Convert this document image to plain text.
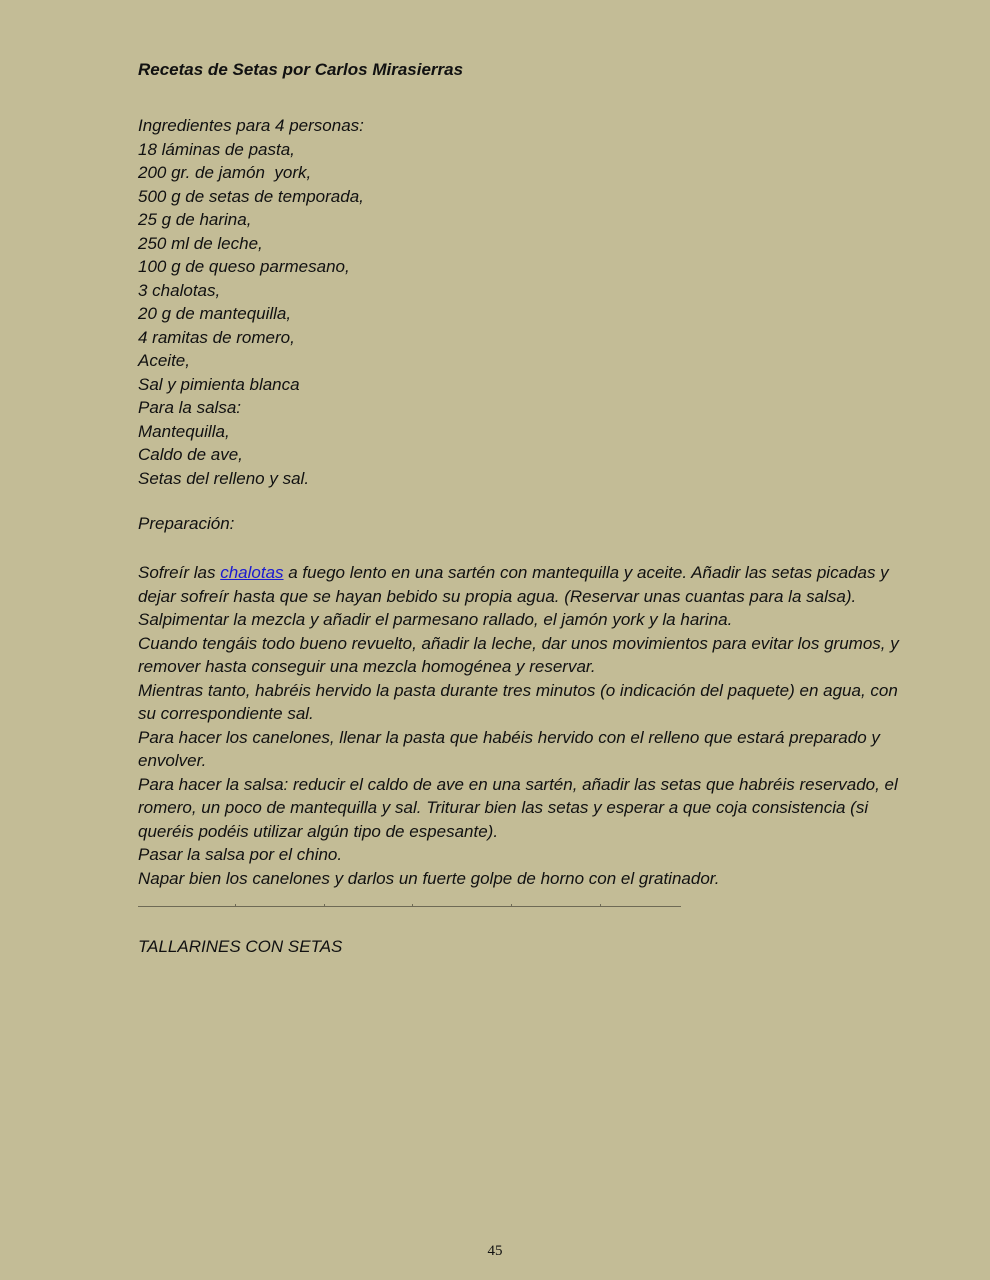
Recetas de Setas por Carlos Mirasierras
Ingredientes para 4 personas:
18 láminas de pasta,
200 gr. de jamón  york,
500 g de setas de temporada,
25 g de harina,
250 ml de leche,
100 g de queso parmesano,
3 chalotas,
20 g de mantequilla,
4 ramitas de romero,
Aceite,
Sal y pimienta blanca
Para la salsa:
Mantequilla,
Caldo de ave,
Setas del relleno y sal.
Preparación:

Sofreír las chalotas a fuego lento en una sartén con mantequilla y aceite. Añadir las setas picadas y dejar sofreír hasta que se hayan bebido su propia agua. (Reservar unas cuantas para la salsa). Salpimentar la mezcla y añadir el parmesano rallado, el jamón york y la harina.

Cuando tengáis todo bueno revuelto, añadir la leche, dar unos movimientos para evitar los grumos, y remover hasta conseguir una mezcla homogénea y reservar.

Mientras tanto, habréis hervido la pasta durante tres minutos (o indicación del paquete) en agua, con su correspondiente sal.

Para hacer los canelones, llenar la pasta que habéis hervido con el relleno que estará preparado y envolver.

Para hacer la salsa: reducir el caldo de ave en una sartén, añadir las setas que habréis reservado, el romero, un poco de mantequilla y sal. Triturar bien las setas y esperar a que coja consistencia (si queréis podéis utilizar algún tipo de espesante).

Pasar la salsa por el chino.

Napar bien los canelones y darlos un fuerte golpe de horno con el gratinador.

TALLARINES CON SETAS
45
